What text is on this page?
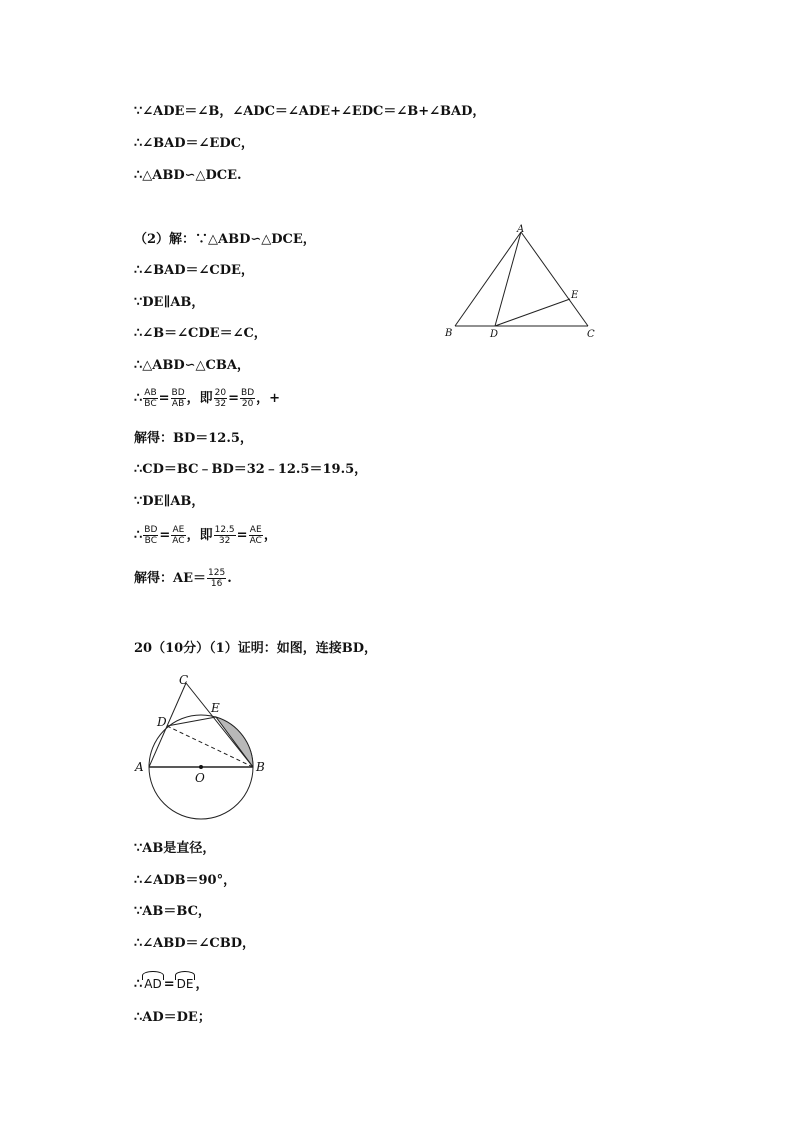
∵∠ADE＝∠B，∠ADC＝∠ADE+∠EDC＝∠B+∠BAD，
∴∠BAD＝∠EDC，
∴△ABD∽△DCE.
（2）解：∵△ABD∽△DCE，
∴∠BAD＝∠CDE，
∵DE∥AB，
∴∠B＝∠CDE＝∠C，
∴△ABD∽△CBA，
∴ $\frac{AB}{BC} = \frac{BD}{AB}$ ，即 $\frac{20}{32} = \frac{BD}{20}$ ，+
解得：BD＝12.5，
∴CD＝BC﹣BD＝32﹣12.5＝19.5，
∵DE∥AB，
∴ $\frac{BD}{BC} = \frac{AE}{AC}$ ，即 $\frac{12.5}{32} = \frac{AE}{AC}$ ，
解得：$AE= \frac{125}{16}$ .
A
B	D	C
E
20（10分）（1）证明：如图，连接BD，
C
D
E
A	B
O
∵AB是直径，
∴∠ADB＝90°，
∵AB＝BC，
∴∠ABD＝∠CBD，
∴ AD = DE ，
∴AD＝DE；
